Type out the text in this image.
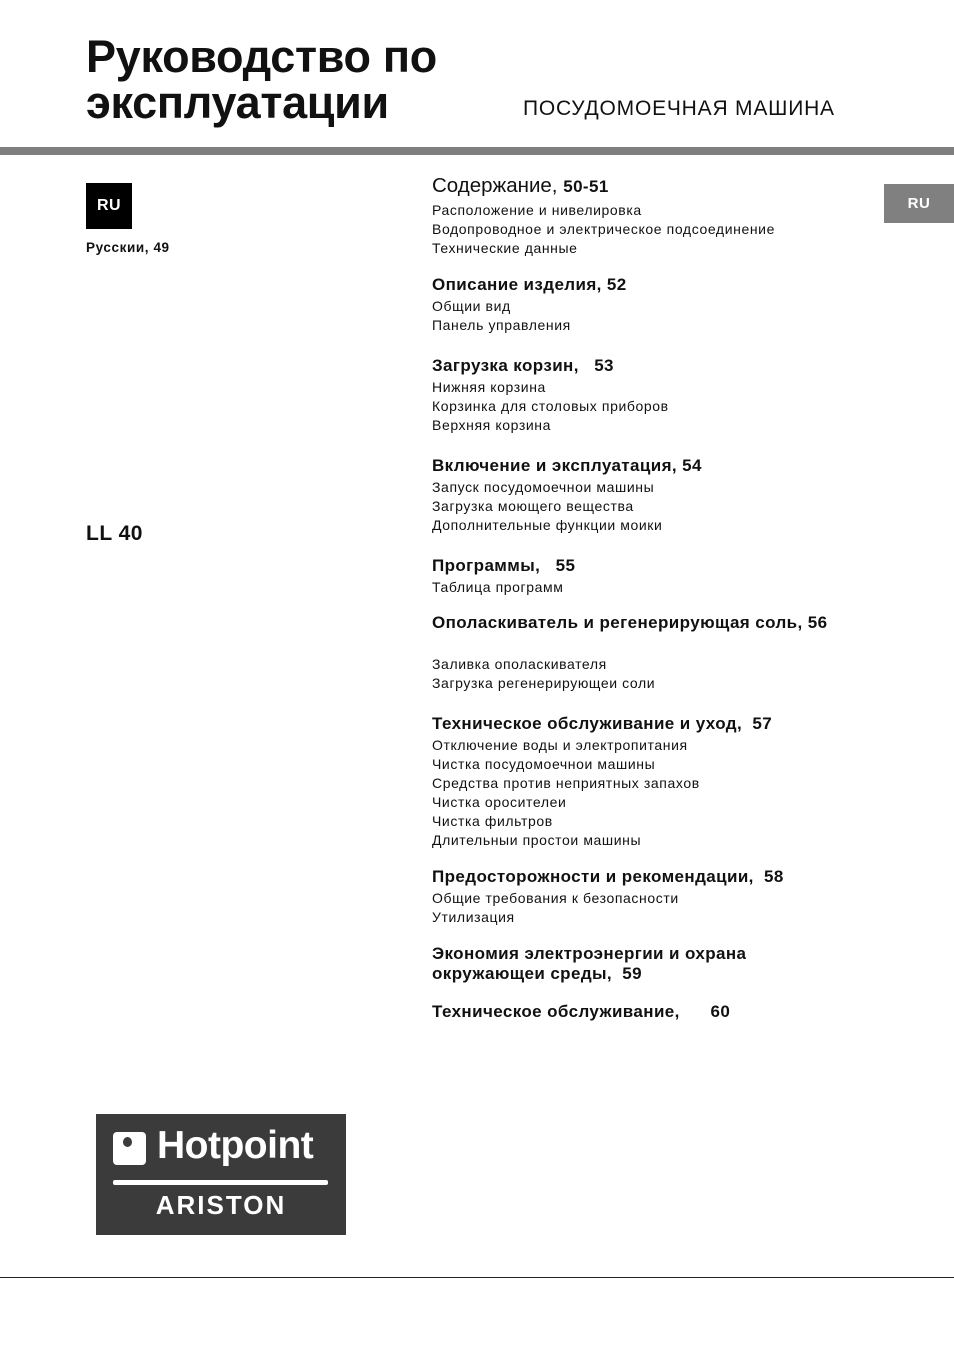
Руководство по
эксплуатации	ПОСУДОМОЕЧНАЯ МАШИНА
RU
Русскии, 49
LL 40
RU
Содержание, 50-51
Расположение и нивелировка
Водопроводное и электрическое подсоединение
Технические данные
Описание изделия, 52
Общии вид
Панель управления
Загрузка корзин,   53
Нижняя корзина
Корзинка для столовых приборов
Верхняя корзина
Включение и эксплуатация, 54
Запуск посудомоечнои машины
Загрузка моющего вещества
Дополнительные функции моики
Программы,   55
Таблица программ
Ополаскиватель и регенерирующая соль, 56
Заливка ополаскивателя
Загрузка регенерирующеи соли
Техническое обслуживание и уход,  57
Отключение воды и электропитания
Чистка посудомоечнои машины
Средства против неприятных запахов
Чистка оросителеи
Чистка фильтров
Длительныи простои машины
Предосторожности и рекомендации,  58
Общие требования к безопасности
Утилизация
Экономия электроэнергии и охрана окружающеи среды,  59
Техническое обслуживание,      60
Hotpoint
ARISTON
